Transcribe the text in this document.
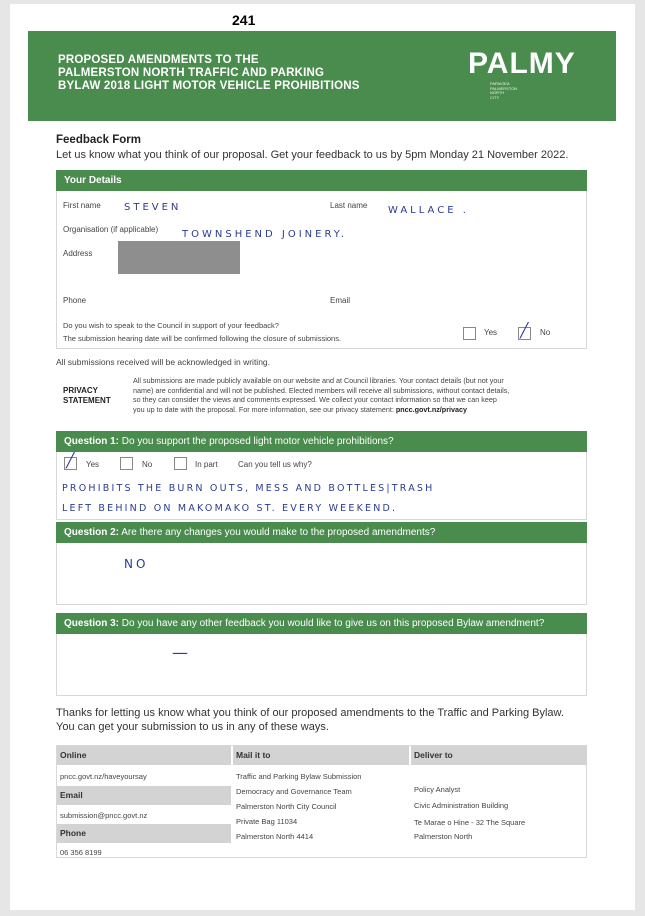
241
PROPOSED AMENDMENTS TO THE
PALMERSTON NORTH TRAFFIC AND PARKING
BYLAW 2018 LIGHT MOTOR VEHICLE PROHIBITIONS
PALMY
PAPAIOEA
PALMERSTON
NORTH
CITY
Feedback Form
Let us know what you think of our proposal. Get your feedback to us by 5pm Monday 21 November 2022.
Your Details
First name STEVEN	Last name WALLACE .
Organisation (if applicable) TOWNSHEND JOINERY.
Address
Phone	Email
Do you wish to speak to the Council in support of your feedback?
The submission hearing date will be confirmed following the closure of submissions.
Yes ╱ No
All submissions received will be acknowledged in writing.
PRIVACY
STATEMENT
All submissions are made publicly available on our website and at Council libraries. Your contact details (but not your
name) are confidential and will not be published. Elected members will receive all submissions, without contact details,
so they can consider the views and comments expressed. We collect your contact information so that we can keep
you up to date with the proposal. For more information, see our privacy statement: pncc.govt.nz/privacy
Question 1: Do you support the proposed light motor vehicle prohibitions?
╱ Yes	No	In part	Can you tell us why?
PROHIBITS THE BURN OUTS, MESS AND BOTTLES|TRASH
LEFT BEHIND ON MAKOMAKO ST. EVERY WEEKEND.
Question 2: Are there any changes you would make to the proposed amendments?
NO
Question 3: Do you have any other feedback you would like to give us on this proposed Bylaw amendment?
—
Thanks for letting us know what you think of our proposed amendments to the Traffic and Parking Bylaw.
You can get your submission to us in any of these ways.
Online
pncc.govt.nz/haveyoursay
Email
submission@pncc.govt.nz
Phone
06 356 8199
Mail it to
Traffic and Parking Bylaw Submission
Democracy and Governance Team
Palmerston North City Council
Private Bag 11034
Palmerston North 4414
Deliver to
Policy Analyst
Civic Administration Building
Te Marae o Hine - 32 The Square
Palmerston North
